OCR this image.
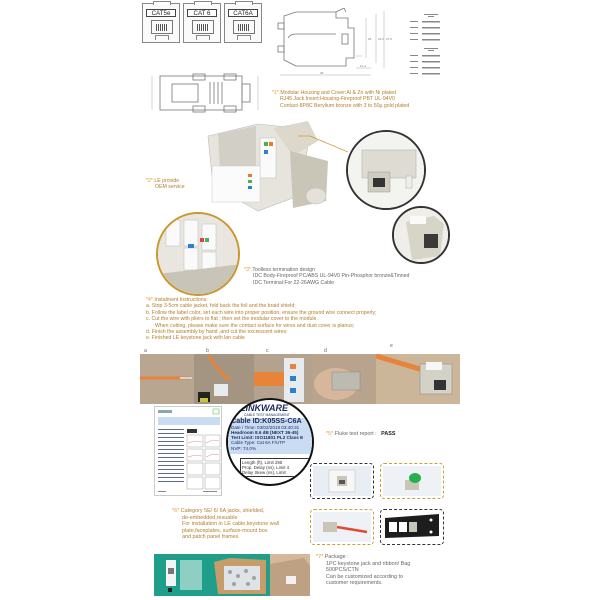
CAT5e	CAT 6	CAT6A
25 31.2 27.9
36
11.4
*1*.Modular Housing and Cover:Al & Zn with Ni plated
RJ45 Jack Insert:Housing-Fireproof PBT UL-94V0
Contact-8P8C Berylium bronze with 3 to 50μ gold plated
*2*.LE provide
OEM service
*3*.Toolless termination design
IDC Body-Fireproof PC/ABS UL-94V0 Pin-Phosphor bronze&Tinned
IDC Terminal:For 22-26AWG Cable
*4*.Instalment Instructions:
a. Strip 3-5cm cable jacket, fold back the foil and the braid shield;
b. Follow the label color, set each wire into proper position, ensure the ground wire connect properly;
c. Cut the wire with pliers to flat ; then set the modular cover to the module.
When cutting, please make sure the contact surface for wires and dust cover is planus;
d. Finish the assembly by hand ,and cut the excrescent wires;
e. Finished LE keystone jack with lan cable
a	b	c	d
e
LINKWARE
CABLE TEST MANAGEMENT
Cable ID:K05SS-C6A
Date / Time: 03/02/2019 03:40:31
Headroom 8.6 dB (NEXT 36-45)
Test Limit: ISO11801 PL2 Class E
Cable Type: Cat 6A F/UTP
NVP: 74.0%
Length (ft), Limit 295
Prop. Delay (ns), Limit 4
Delay Skew (ns), Limit
*5*.Fluke test report : PASS
*6*.Category 5E/ 6/ 6A jacks, shielded,
de-embedded,resuable
For installation in LE cable,keystone wall
plate,faceplates, surface-mount box
and patch panel frames
*7*.Package :
1PC keystone jack and ribbon/ Bag
500PCS/CTN
Can be customized according to
customer requirements.
